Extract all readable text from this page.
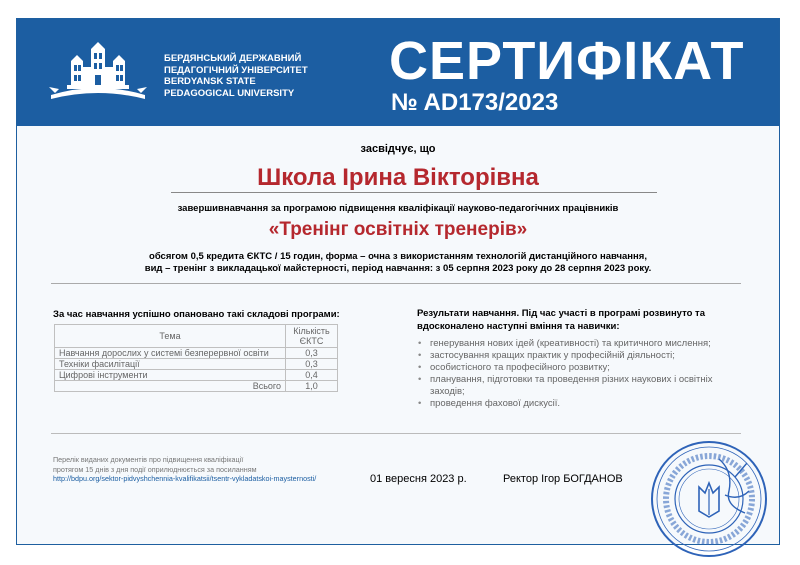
БЕРДЯНСЬКИЙ ДЕРЖАВНИЙ
ПЕДАГОГІЧНИЙ УНІВЕРСИТЕТ
BERDYANSK STATE
PEDAGOGICAL UNIVERSITY
СЕРТИФІКАТ
№ AD173/2023
засвідчує, що
Школа Ірина Вікторівна
завершивнавчання за програмою підвищення кваліфікації науково-педагогічних працівників
«Тренінг освітніх тренерів»
обсягом 0,5 кредита ЄКТС / 15 годин, форма – очна з використанням технологій дистанційного навчання,
вид – тренінг з викладацької майстерності, період навчання: з 05 серпня 2023 року до 28 серпня 2023 року.
За час навчання успішно опановано такі складові програми:
Тема	Кількість ЄКТС
Навчання дорослих у системі безперервної освіти	0,3
Техніки фасилітації	0,3
Цифрові інструменти	0,4
Всього	1,0
Результати навчання. Під час участі в програмі розвинуто та
вдосконалено наступні вміння та навички:
• генерування нових ідей (креативності) та критичного мислення;
• застосування кращих практик у професійній діяльності;
• особистісного та професійного розвитку;
• планування, підготовки та проведення різних наукових і освітніх заходів;
• проведення фахової дискусії.
Перелік виданих документів про підвищення кваліфікації
протягом 15 днів з дня події оприлюднюється за посиланням
http://bdpu.org/sektor-pidvyshchennia-kvalifikatsii/tsentr-vykladatskoi-maysternosti/	01 вересня 2023 р.	Ректор Ігор БОГДАНОВ
